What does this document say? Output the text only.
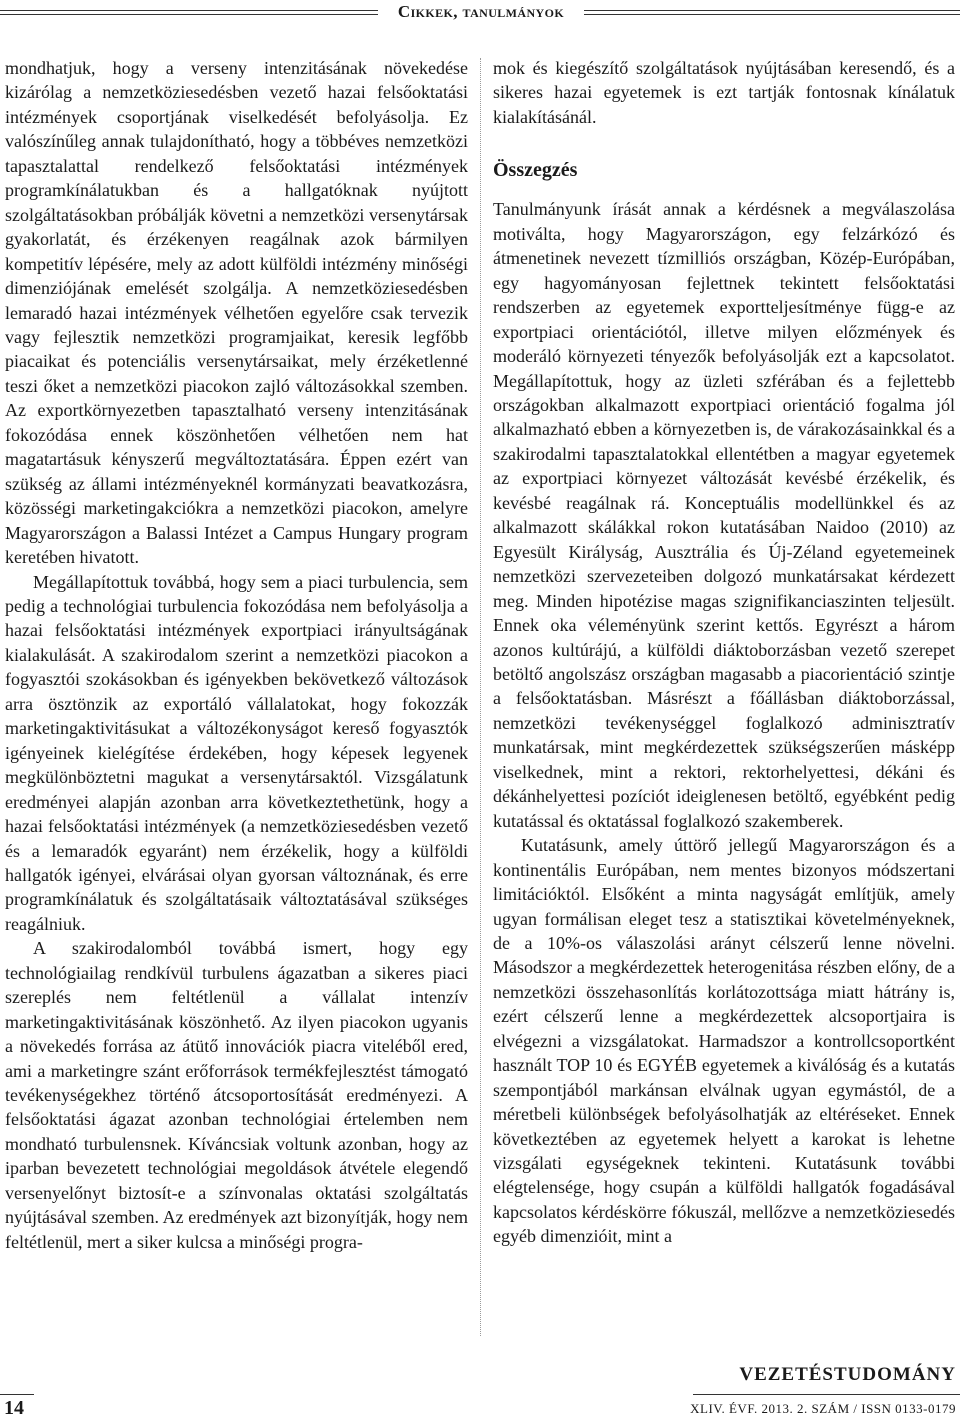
Cikkek, tanulmányok

mondhatjuk, hogy a verseny intenzitásának növekedése kizárólag a nemzetköziesedésben vezető hazai felsőoktatási intézmények csoportjának viselkedését befolyásolja. Ez valószínűleg annak tulajdonítható, hogy a többéves nemzetközi tapasztalattal rendelkező felsőoktatási intézmények programkínálatukban és a hallgatóknak nyújtott szolgáltatásokban próbálják követni a nemzetközi versenytársak gyakorlatát, és érzékenyen reagálnak azok bármilyen kompetitív lépésére, mely az adott külföldi intézmény minőségi dimenziójának emelését szolgálja. A nemzetköziesedésben lemaradó hazai intézmények vélhetően egyelőre csak tervezik vagy fejlesztik nemzetközi programjaikat, keresik legfőbb piacaikat és potenciális versenytársaikat, mely érzéketlenné teszi őket a nemzetközi piacokon zajló változásokkal szemben. Az exportkörnyezetben tapasztalható verseny intenzitásának fokozódása ennek köszönhetően vélhetően nem hat magatartásuk kényszerű megváltoztatására. Éppen ezért van szükség az állami intézményeknél kormányzati beavatkozásra, közösségi marketingakciókra a nemzetközi piacokon, amelyre Magyarországon a Balassi Intézet a Campus Hungary program keretében hivatott.

Megállapítottuk továbbá, hogy sem a piaci turbulencia, sem pedig a technológiai turbulencia fokozódása nem befolyásolja a hazai felsőoktatási intézmények exportpiaci irányultságának kialakulását. A szakirodalom szerint a nemzetközi piacokon a fogyasztói szokásokban és igényekben bekövetkező változások arra ösztönzik az exportáló vállalatokat, hogy fokozzák marketingaktivitásukat a változékonyságot kereső fogyasztók igényeinek kielégítése érdekében, hogy képesek legyenek megkülönböztetni magukat a versenytársaktól. Vizsgálatunk eredményei alapján azonban arra következtethetünk, hogy a hazai felsőoktatási intézmények (a nemzetköziesedésben vezető és a lemaradók egyaránt) nem érzékelik, hogy a külföldi hallgatók igényei, elvárásai olyan gyorsan változnának, és erre programkínálatuk és szolgáltatásaik változtatásával szükséges reagálniuk.

A szakirodalomból továbbá ismert, hogy egy technológiailag rendkívül turbulens ágazatban a sikeres piaci szereplés nem feltétlenül a vállalat intenzív marketingaktivitásának köszönhető. Az ilyen piacokon ugyanis a növekedés forrása az átütő innovációk piacra viteléből ered, ami a marketingre szánt erőforrások termékfejlesztést támogató tevékenységekhez történő átcsoportosítását eredményezi. A felsőoktatási ágazat azonban technológiai értelemben nem mondható turbulensnek. Kíváncsiak voltunk azonban, hogy az iparban bevezetett technológiai megoldások átvétele elegendő versenyelőnyt biztosít-e a színvonalas oktatási szolgáltatás nyújtásával szemben. Az eredmények azt bizonyítják, hogy nem feltétlenül, mert a siker kulcsa a minőségi progra-

mok és kiegészítő szolgáltatások nyújtásában keresendő, és a sikeres hazai egyetemek is ezt tartják fontosnak kínálatuk kialakításánál.

Összegzés

Tanulmányunk írását annak a kérdésnek a megválaszolása motiválta, hogy Magyarországon, egy felzárkózó és átmenetinek nevezett tízmilliós országban, Közép-Európában, egy hagyományosan fejlettnek tekintett felsőoktatási rendszerben az egyetemek exportteljesítménye függ-e az exportpiaci orientációtól, illetve milyen előzmények és moderáló környezeti tényezők befolyásolják ezt a kapcsolatot. Megállapítottuk, hogy az üzleti szférában és a fejlettebb országokban alkalmazott exportpiaci orientáció fogalma jól alkalmazható ebben a környezetben is, de várakozásainkkal és a szakirodalmi tapasztalatokkal ellentétben a magyar egyetemek az exportpiaci környezet változását kevésbé érzékelik, és kevésbé reagálnak rá. Konceptuális modellünkkel és az alkalmazott skálákkal rokon kutatásában Naidoo (2010) az Egyesült Királyság, Ausztrália és Új-Zéland egyetemeinek nemzetközi szervezeteiben dolgozó munkatársakat kérdezett meg. Minden hipotézise magas szignifikanciaszinten teljesült. Ennek oka véleményünk szerint kettős. Egyrészt a három azonos kultúrájú, a külföldi diáktoborzásban vezető szerepet betöltő angolszász országban magasabb a piacorientáció szintje a felsőoktatásban. Másrészt a főállásban diáktoborzással, nemzetközi tevékenységgel foglalkozó adminisztratív munkatársak, mint megkérdezettek szükségszerűen másképp viselkednek, mint a rektori, rektorhelyettesi, dékáni és dékánhelyettesi pozíciót ideiglenesen betöltő, egyébként pedig kutatással és oktatással foglalkozó szakemberek.

Kutatásunk, amely úttörő jellegű Magyarországon és a kontinentális Európában, nem mentes bizonyos módszertani limitációktól. Elsőként a minta nagyságát említjük, amely ugyan formálisan eleget tesz a statisztikai követelményeknek, de a 10%-os válaszolási arányt célszerű lenne növelni. Másodszor a megkérdezettek heterogenitása részben előny, de a nemzetközi összehasonlítás korlátozottsága miatt hátrány is, ezért célszerű lenne a megkérdezettek alcsoportjaira is elvégezni a vizsgálatokat. Harmadszor a kontrollcsoportként használt TOP 10 és EGYÉB egyetemek a kiválóság és a kutatás szempontjából markánsan elválnak ugyan egymástól, de a méretbeli különbségek befolyásolhatják az eltéréseket. Ennek következtében az egyetemek helyett a karokat is lehetne vizsgálati egységeknek tekinteni. Kutatásunk további elégtelensége, hogy csupán a külföldi hallgatók fogadásával kapcsolatos kérdéskörre fókuszál, mellőzve a nemzetköziesedés egyéb dimenzióit, mint a

14
VEZETÉSTUDOMÁNY
XLIV. ÉVF. 2013. 2. SZÁM / ISSN 0133-0179
